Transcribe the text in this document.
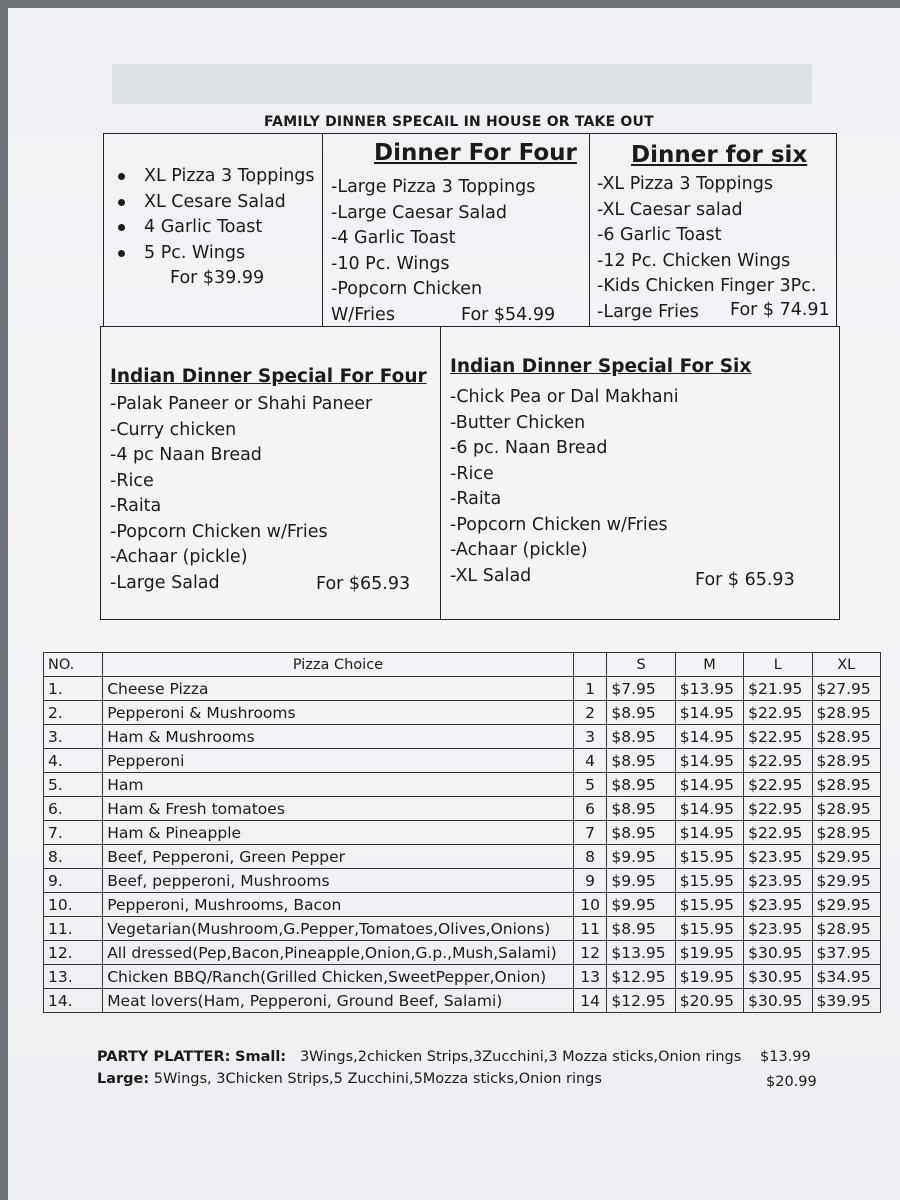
FAMILY DINNER SPECAIL IN HOUSE OR TAKE OUT
XL Pizza 3 Toppings
XL Cesare Salad
4 Garlic Toast
5 Pc. Wings
For $39.99
Dinner For Four
-Large Pizza 3 Toppings
-Large Caesar Salad
-4 Garlic Toast
-10 Pc. Wings
-Popcorn Chicken
W/Fries	For $54.99
Dinner for six
-XL Pizza 3 Toppings
-XL Caesar salad
-6 Garlic Toast
-12 Pc. Chicken Wings
-Kids Chicken Finger 3Pc.
-Large Fries	For $ 74.91
Indian Dinner Special For Four
-Palak Paneer or Shahi Paneer
-Curry chicken
-4 pc Naan Bread
-Rice
-Raita
-Popcorn Chicken w/Fries
-Achaar (pickle)
-Large Salad	For $65.93
Indian Dinner Special For Six
-Chick Pea or Dal Makhani
-Butter Chicken
-6 pc. Naan Bread
-Rice
-Raita
-Popcorn Chicken w/Fries
-Achaar (pickle)
-XL Salad	For $ 65.93
NO.	Pizza Choice		S	M	L	XL
1.	Cheese Pizza	1	$7.95	$13.95	$21.95	$27.95
2.	Pepperoni & Mushrooms	2	$8.95	$14.95	$22.95	$28.95
3.	Ham & Mushrooms	3	$8.95	$14.95	$22.95	$28.95
4.	Pepperoni	4	$8.95	$14.95	$22.95	$28.95
5.	Ham	5	$8.95	$14.95	$22.95	$28.95
6.	Ham & Fresh tomatoes	6	$8.95	$14.95	$22.95	$28.95
7.	Ham & Pineapple	7	$8.95	$14.95	$22.95	$28.95
8.	Beef, Pepperoni, Green Pepper	8	$9.95	$15.95	$23.95	$29.95
9.	Beef, pepperoni, Mushrooms	9	$9.95	$15.95	$23.95	$29.95
10.	Pepperoni, Mushrooms, Bacon	10	$9.95	$15.95	$23.95	$29.95
11.	Vegetarian(Mushroom,G.Pepper,Tomatoes,Olives,Onions)	11	$8.95	$15.95	$23.95	$28.95
12.	All dressed(Pep,Bacon,Pineapple,Onion,G.p.,Mush,Salami)	12	$13.95	$19.95	$30.95	$37.95
13.	Chicken BBQ/Ranch(Grilled Chicken,SweetPepper,Onion)	13	$12.95	$19.95	$30.95	$34.95
14.	Meat lovers(Ham, Pepperoni, Ground Beef, Salami)	14	$12.95	$20.95	$30.95	$39.95
PARTY PLATTER: Small: 3Wings,2chicken Strips,3Zucchini,3 Mozza sticks,Onion rings $13.99
Large: 5Wings, 3Chicken Strips,5 Zucchini,5Mozza sticks,Onion rings	$20.99
